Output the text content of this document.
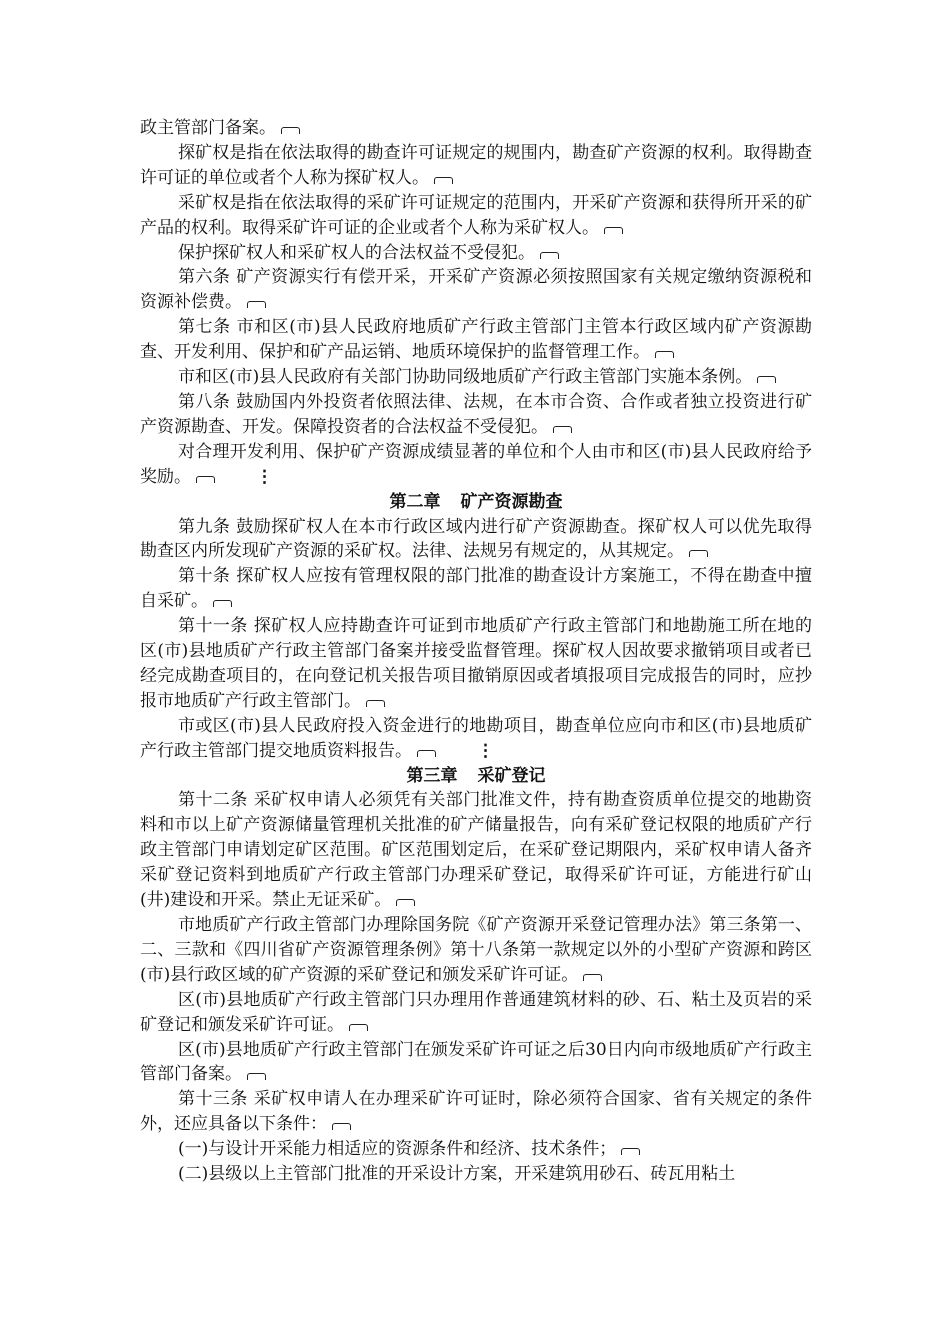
政主管部门备案。

探矿权是指在依法取得的勘查许可证规定的规围内，勘查矿产资源的权利。取得勘查许可证的单位或者个人称为探矿权人。

采矿权是指在依法取得的采矿许可证规定的范围内，开采矿产资源和获得所开采的矿产品的权利。取得采矿许可证的企业或者个人称为采矿权人。

保护探矿权人和采矿权人的合法权益不受侵犯。

第六条 矿产资源实行有偿开采，开采矿产资源必须按照国家有关规定缴纳资源税和资源补偿费。

第七条 市和区(市)县人民政府地质矿产行政主管部门主管本行政区域内矿产资源勘查、开发利用、保护和矿产品运销、地质环境保护的监督管理工作。

市和区(市)县人民政府有关部门协助同级地质矿产行政主管部门实施本条例。

第八条 鼓励国内外投资者依照法律、法规，在本市合资、合作或者独立投资进行矿产资源勘查、开发。保障投资者的合法权益不受侵犯。

对合理开发利用、保护矿产资源成绩显著的单位和个人由市和区(市)县人民政府给予奖励。	⋮

第二章 矿产资源勘查

第九条 鼓励探矿权人在本市行政区域内进行矿产资源勘查。探矿权人可以优先取得勘查区内所发现矿产资源的采矿权。法律、法规另有规定的，从其规定。

第十条 探矿权人应按有管理权限的部门批准的勘查设计方案施工，不得在勘查中擅自采矿。

第十一条 探矿权人应持勘查许可证到市地质矿产行政主管部门和地勘施工所在地的区(市)县地质矿产行政主管部门备案并接受监督管理。探矿权人因故要求撤销项目或者已经完成勘查项目的，在向登记机关报告项目撤销原因或者填报项目完成报告的同时，应抄报市地质矿产行政主管部门。

市或区(市)县人民政府投入资金进行的地勘项目，勘查单位应向市和区(市)县地质矿产行政主管部门提交地质资料报告。	⋮

第三章 采矿登记

第十二条 采矿权申请人必须凭有关部门批准文件，持有勘查资质单位提交的地勘资料和市以上矿产资源储量管理机关批准的矿产储量报告，向有采矿登记权限的地质矿产行政主管部门申请划定矿区范围。矿区范围划定后，在采矿登记期限内，采矿权申请人备齐采矿登记资料到地质矿产行政主管部门办理采矿登记，取得采矿许可证，方能进行矿山(井)建设和开采。禁止无证采矿。

市地质矿产行政主管部门办理除国务院《矿产资源开采登记管理办法》第三条第一、二、三款和《四川省矿产资源管理条例》第十八条第一款规定以外的小型矿产资源和跨区(市)县行政区域的矿产资源的采矿登记和颁发采矿许可证。

区(市)县地质矿产行政主管部门只办理用作普通建筑材料的砂、石、粘土及页岩的采矿登记和颁发采矿许可证。

区(市)县地质矿产行政主管部门在颁发采矿许可证之后30日内向市级地质矿产行政主管部门备案。

第十三条 采矿权申请人在办理采矿许可证时，除必须符合国家、省有关规定的条件外，还应具备以下条件：

(一)与设计开采能力相适应的资源条件和经济、技术条件；

(二)县级以上主管部门批准的开采设计方案，开采建筑用砂石、砖瓦用粘土
